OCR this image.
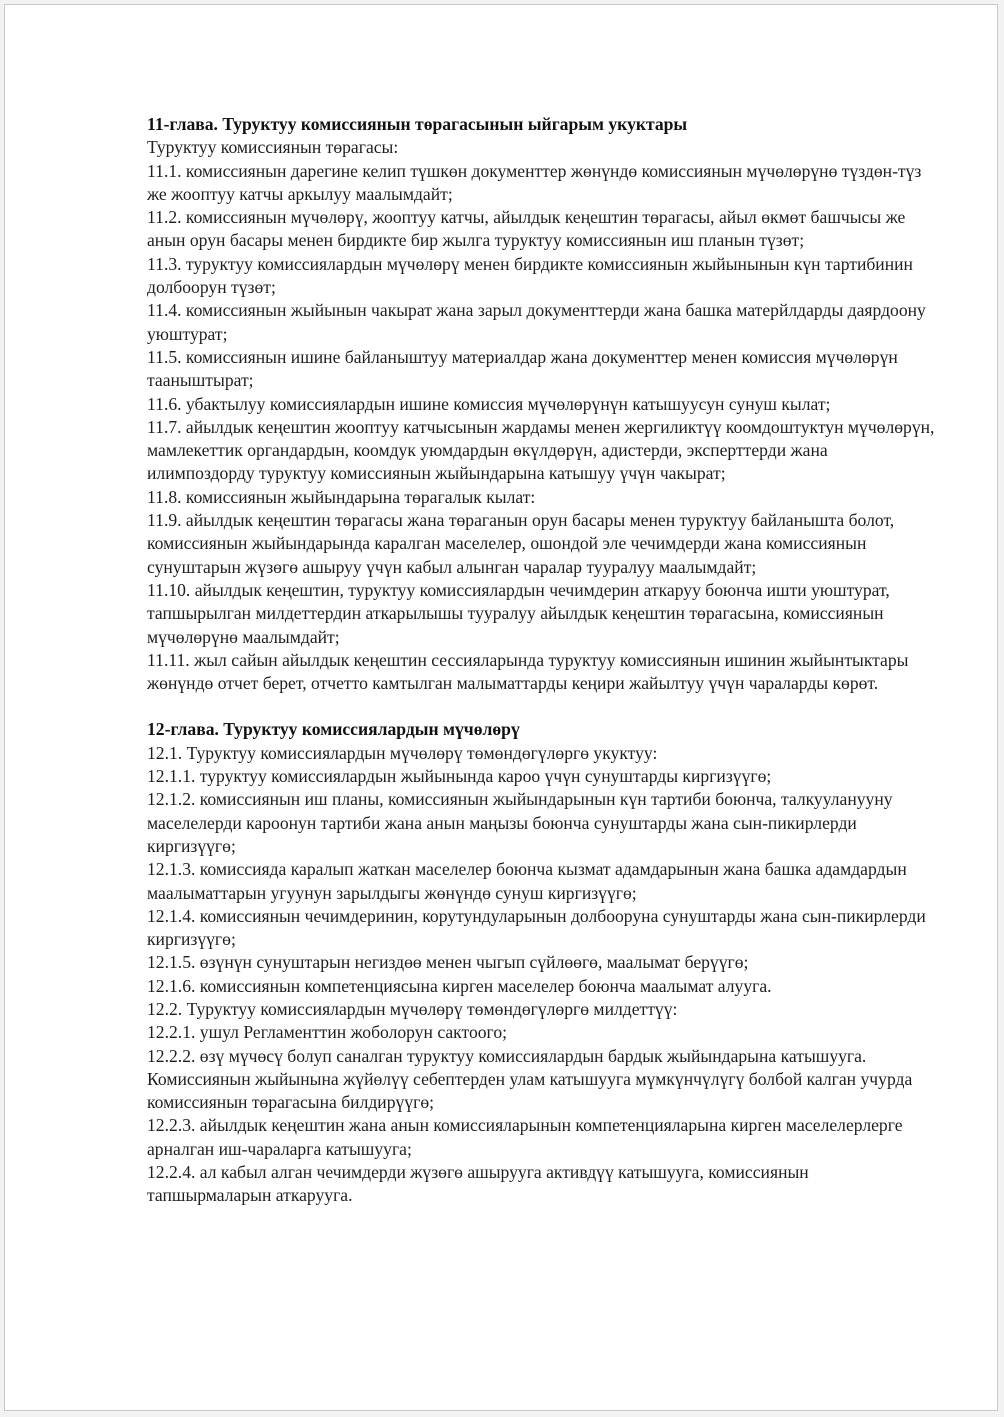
11-глава. Туруктуу комиссиянын төрагасынын ыйгарым укуктары

Туруктуу комиссиянын төрагасы:

11.1. комиссиянын дарегине келип түшкөн документтер жөнүндө комиссиянын мүчөлөрүнө түздөн-түз же жооптуу катчы аркылуу маалымдайт;

11.2. комиссиянын мүчөлөрү, жооптуу катчы, айылдык кеңештин төрагасы, айыл өкмөт башчысы же анын орун басары менен бирдикте бир жылга туруктуу комиссиянын иш планын түзөт;

11.3. туруктуу комиссиялардын мүчөлөрү менен бирдикте комиссиянын жыйынынын күн тартибинин долбоорун түзөт;

11.4. комиссиянын жыйынын чакырат жана зарыл документтерди жана башка матерйлдарды даярдоону уюштурат;

11.5. комиссиянын ишине байланыштуу материалдар жана документтер менен комиссия мүчөлөрүн тааныштырат;

11.6. убактылуу комиссиялардын ишине комиссия мүчөлөрүнүн катышуусун сунуш кылат;

11.7. айылдык кеңештин жооптуу катчысынын жардамы менен жергиликтүү коомдоштуктун мүчөлөрүн, мамлекеттик органдардын, коомдук уюмдардын өкүлдөрүн, адистерди, эксперттерди жана илимпоздорду туруктуу комиссиянын жыйындарына катышуу үчүн чакырат;

11.8. комиссиянын жыйындарына төрагалык кылат:

11.9. айылдык кеңештин төрагасы жана төраганын орун басары менен туруктуу байланышта болот, комиссиянын жыйындарында каралган маселелер, ошондой эле чечимдерди жана комиссиянын сунуштарын жүзөгө ашыруу үчүн кабыл алынган чаралар тууралуу маалымдайт;

11.10. айылдык кеңештин, туруктуу комиссиялардын чечимдерин аткаруу боюнча ишти уюштурат, тапшырылган милдеттердин аткарылышы тууралуу айылдык кеңештин төрагасына, комиссиянын мүчөлөрүнө маалымдайт;

11.11. жыл сайын айылдык кеңештин сессияларында туруктуу комиссиянын ишинин жыйынтыктары жөнүндө отчет берет, отчетто камтылган малыматтарды кеңири жайылтуу үчүн чараларды көрөт.

12-глава. Туруктуу комиссиялардын мүчөлөрү

12.1. Туруктуу комиссиялардын мүчөлөрү төмөндөгүлөргө укуктуу:

12.1.1. туруктуу комиссиялардын жыйынында кароо үчүн сунуштарды киргизүүгө;

12.1.2. комиссиянын иш планы, комиссиянын жыйындарынын күн тартиби боюнча, талкууланууну маселелерди кароонун тартиби жана анын маңызы боюнча сунуштарды жана сын-пикирлерди киргизүүгө;

12.1.3. комиссияда каралып жаткан маселелер боюнча кызмат адамдарынын жана башка адамдардын маалыматтарын угуунун зарылдыгы жөнүндө сунуш киргизүүгө;

12.1.4. комиссиянын чечимдеринин, корутундуларынын долбооруна сунуштарды жана сын-пикирлерди киргизүүгө;

12.1.5. өзүнүн сунуштарын негиздөө менен чыгып сүйлөөгө, маалымат берүүгө;

12.1.6. комиссиянын компетенциясына кирген маселелер боюнча маалымат алууга.

12.2. Туруктуу комиссиялардын мүчөлөрү төмөндөгүлөргө милдеттүү:

12.2.1. ушул Регламенттин жоболорун сактоого;

12.2.2. өзү мүчөсү болуп саналган туруктуу комиссиялардын бардык жыйындарына катышууга. Комиссиянын жыйынына жүйөлүү себептерден улам катышууга мүмкүнчүлүгү болбой калган учурда комиссиянын төрагасына билдирүүгө;

12.2.3. айылдык кеңештин жана анын комиссияларынын компетенцияларына кирген маселелерлерге арналган иш-чараларга катышууга;

12.2.4. ал кабыл алган чечимдерди жүзөгө ашырууга активдүү катышууга, комиссиянын тапшырмаларын аткарууга.
